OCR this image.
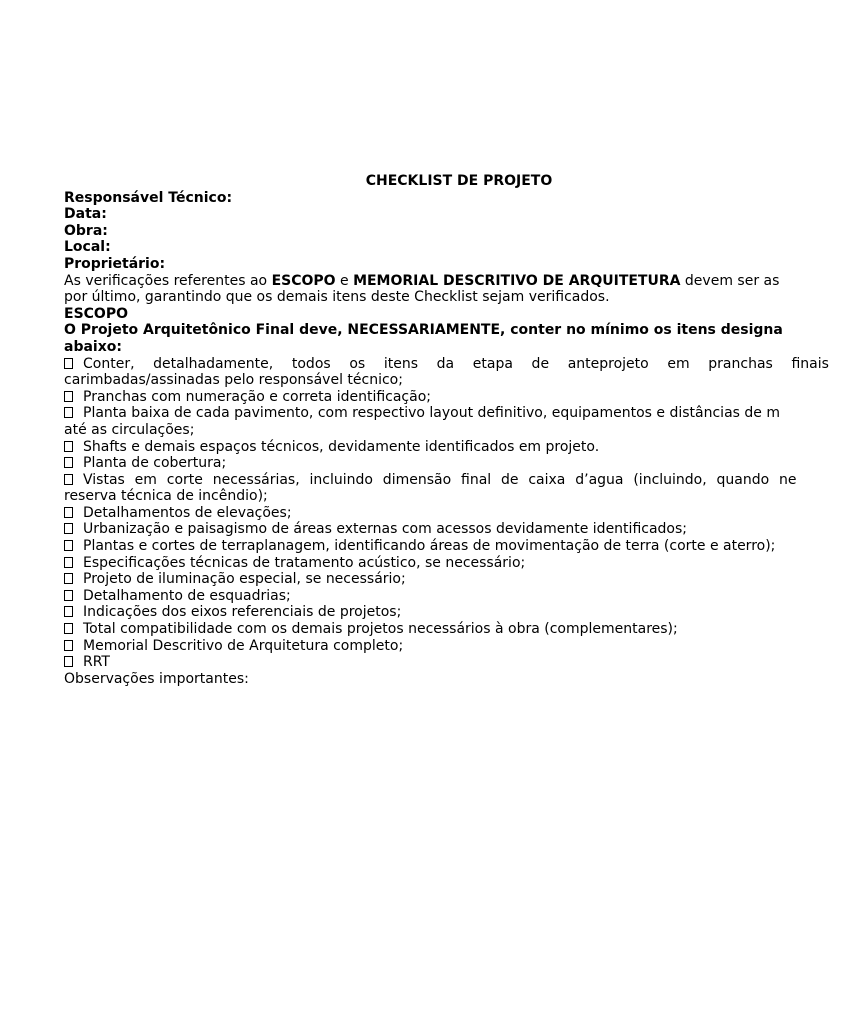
CHECKLIST DE PROJETO
Responsável Técnico:
Data:
Obra:
Local:
Proprietário:
As verificações referentes ao ESCOPO e MEMORIAL DESCRITIVO DE ARQUITETURA devem ser as
por último, garantindo que os demais itens deste Checklist sejam verificados.
ESCOPO
O Projeto Arquitetônico Final deve, NECESSARIAMENTE, conter no mínimo os itens designa
abaixo:
Conter, detalhadamente, todos os itens da etapa de anteprojeto em pranchas finais
carimbadas/assinadas pelo responsável técnico;
Pranchas com numeração e correta identificação;
Planta baixa de cada pavimento, com respectivo layout definitivo, equipamentos e distâncias de m
até as circulações;
Shafts e demais espaços técnicos, devidamente identificados em projeto.
Planta de cobertura;
Vistas em corte necessárias, incluindo dimensão final de caixa d’agua (incluindo, quando ne
reserva técnica de incêndio);
Detalhamentos de elevações;
Urbanização e paisagismo de áreas externas com acessos devidamente identificados;
Plantas e cortes de terraplanagem, identificando áreas de movimentação de terra (corte e aterro);
Especificações técnicas de tratamento acústico, se necessário;
Projeto de iluminação especial, se necessário;
Detalhamento de esquadrias;
Indicações dos eixos referenciais de projetos;
Total compatibilidade com os demais projetos necessários à obra (complementares);
Memorial Descritivo de Arquitetura completo;
RRT
Observações importantes:
